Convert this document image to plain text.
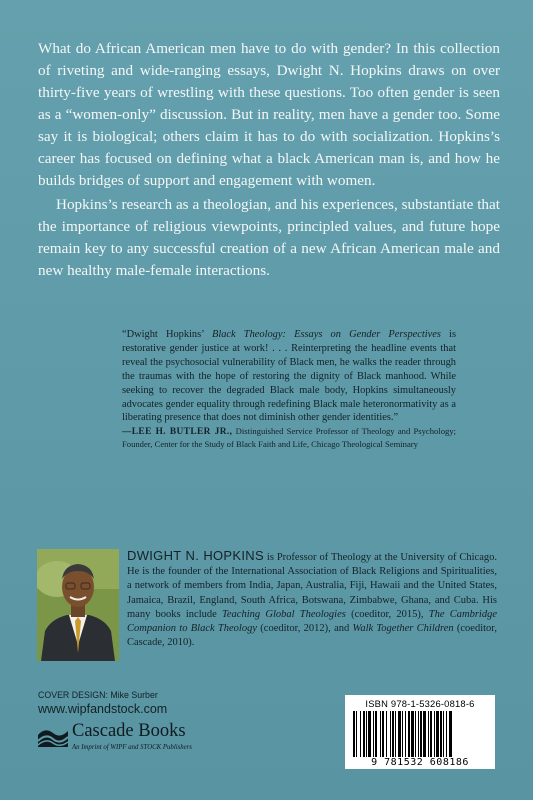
What do African American men have to do with gender? In this collection of riveting and wide-ranging essays, Dwight N. Hopkins draws on over thirty-five years of wrestling with these questions. Too often gender is seen as a “women-only” discussion. But in reality, men have a gender too. Some say it is biological; others claim it has to do with socialization. Hopkins’s career has focused on defining what a black American man is, and how he builds bridges of support and engagement with women.

Hopkins’s research as a theologian, and his experiences, substantiate that the importance of religious viewpoints, principled values, and future hope remain key to any successful creation of a new African American male and new healthy male-female interactions.

“Dwight Hopkins’ Black Theology: Essays on Gender Perspectives is restorative gender justice at work! . . . Reinterpreting the headline events that reveal the psychosocial vulnerability of Black men, he walks the reader through the traumas with the hope of restoring the dignity of Black manhood. While seeking to recover the degraded Black male body, Hopkins simultaneously advocates gender equality through redefining Black male heteronormativity as a liberating presence that does not diminish other gender identities.”

—LEE H. BUTLER JR., Distinguished Service Professor of Theology and Psychology; Founder, Center for the Study of Black Faith and Life, Chicago Theological Seminary

DWIGHT N. HOPKINS is Professor of Theology at the University of Chicago. He is the founder of the International Association of Black Religions and Spiritualities, a network of members from India, Japan, Australia, Fiji, Hawaii and the United States, Jamaica, Brazil, England, South Africa, Botswana, Zimbabwe, Ghana, and Cuba. His many books include Teaching Global Theologies (coeditor, 2015), The Cambridge Companion to Black Theology (coeditor, 2012), and Walk Together Children (coeditor, Cascade, 2010).
COVER DESIGN: Mike Surber
www.wipfandstock.com
Cascade Books
An Imprint of WIPF and STOCK Publishers
ISBN 978-1-5326-0818-6
9 781532 608186
